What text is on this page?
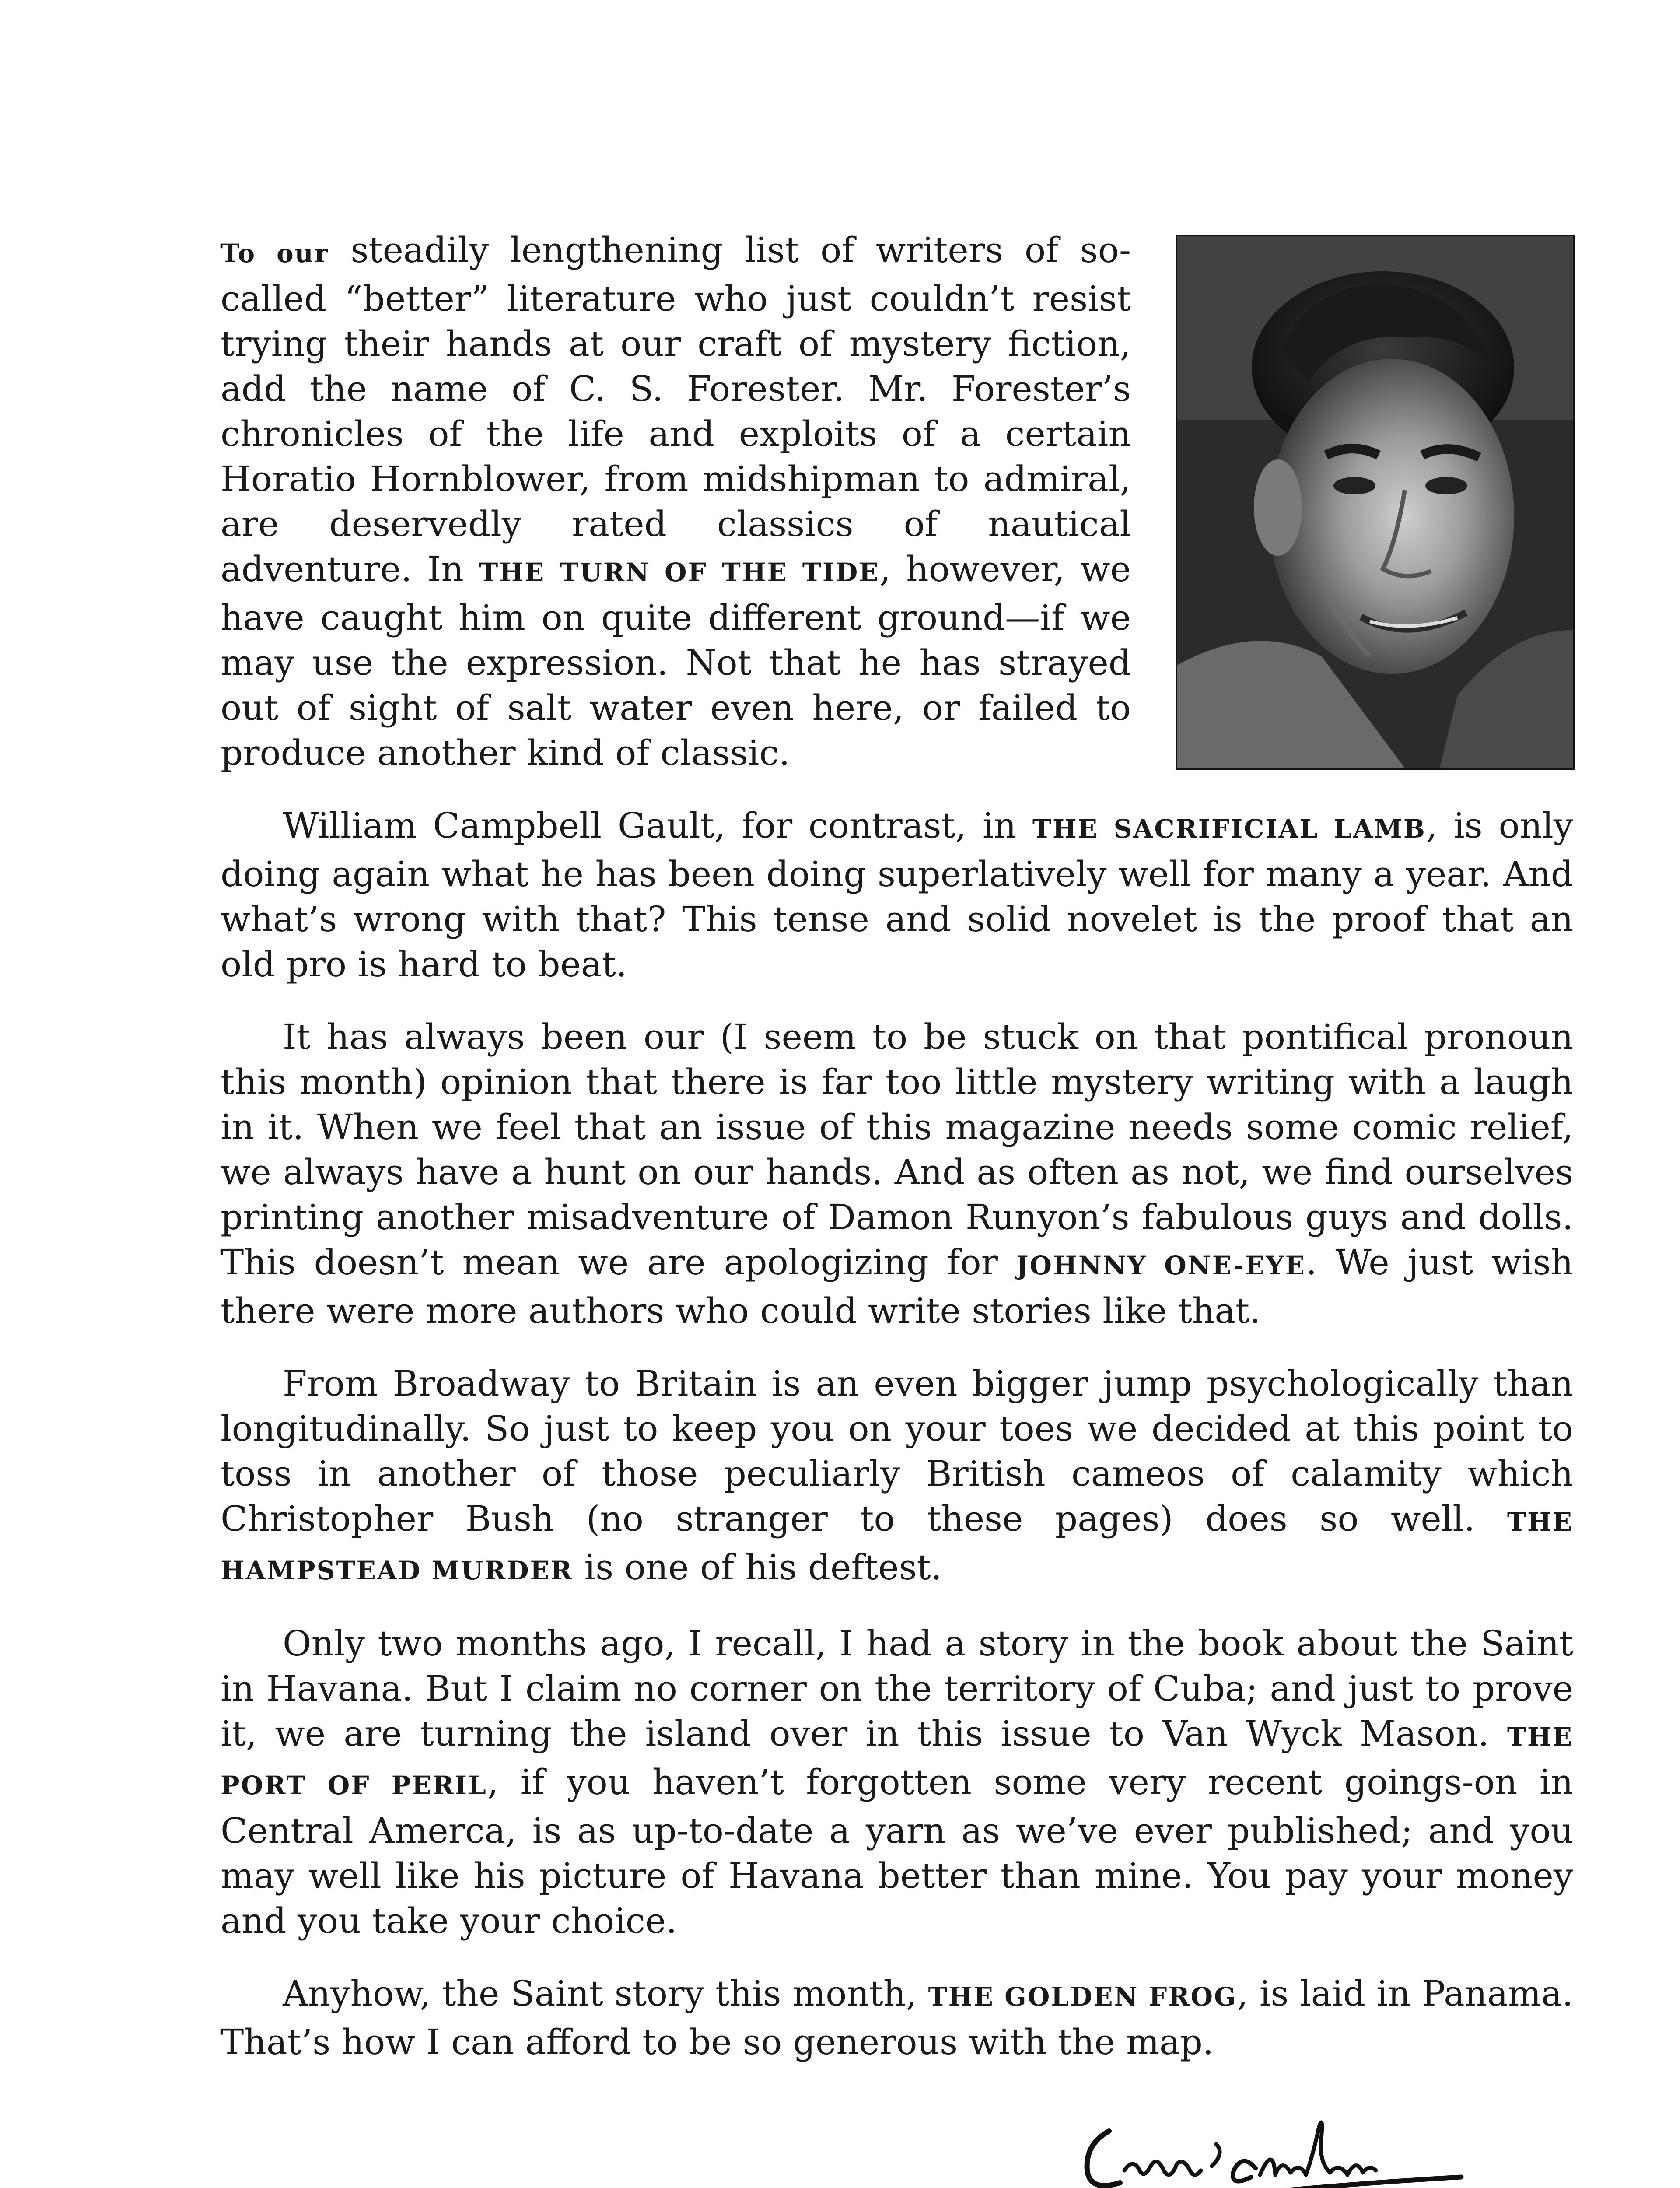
To our steadily lengthening list of writers of so-called “better” literature who just couldn’t resist trying their hands at our craft of mystery fiction, add the name of C. S. Forester. Mr. Forester’s chronicles of the life and exploits of a certain Horatio Hornblower, from midshipman to admiral, are deservedly rated classics of nautical adventure. In THE TURN OF THE TIDE, however, we have caught him on quite different ground—if we may use the expression. Not that he has strayed out of sight of salt water even here, or failed to produce another kind of classic.

William Campbell Gault, for contrast, in THE SACRIFICIAL LAMB, is only doing again what he has been doing superlatively well for many a year. And what’s wrong with that? This tense and solid novelet is the proof that an old pro is hard to beat.

It has always been our (I seem to be stuck on that pontifical pronoun this month) opinion that there is far too little mystery writing with a laugh in it. When we feel that an issue of this magazine needs some comic relief, we always have a hunt on our hands. And as often as not, we find ourselves printing another misadventure of Damon Runyon’s fabulous guys and dolls. This doesn’t mean we are apologizing for JOHNNY ONE-EYE. We just wish there were more authors who could write stories like that.

From Broadway to Britain is an even bigger jump psychologically than longitudinally. So just to keep you on your toes we decided at this point to toss in another of those peculiarly British cameos of calamity which Christopher Bush (no stranger to these pages) does so well. THE HAMPSTEAD MURDER is one of his deftest.

Only two months ago, I recall, I had a story in the book about the Saint in Havana. But I claim no corner on the territory of Cuba; and just to prove it, we are turning the island over in this issue to Van Wyck Mason. THE PORT OF PERIL, if you haven’t forgotten some very recent goings-on in Central Amerca, is as up-to-date a yarn as we’ve ever published; and you may well like his picture of Havana better than mine. You pay your money and you take your choice.

Anyhow, the Saint story this month, THE GOLDEN FROG, is laid in Panama. That’s how I can afford to be so generous with the map.
